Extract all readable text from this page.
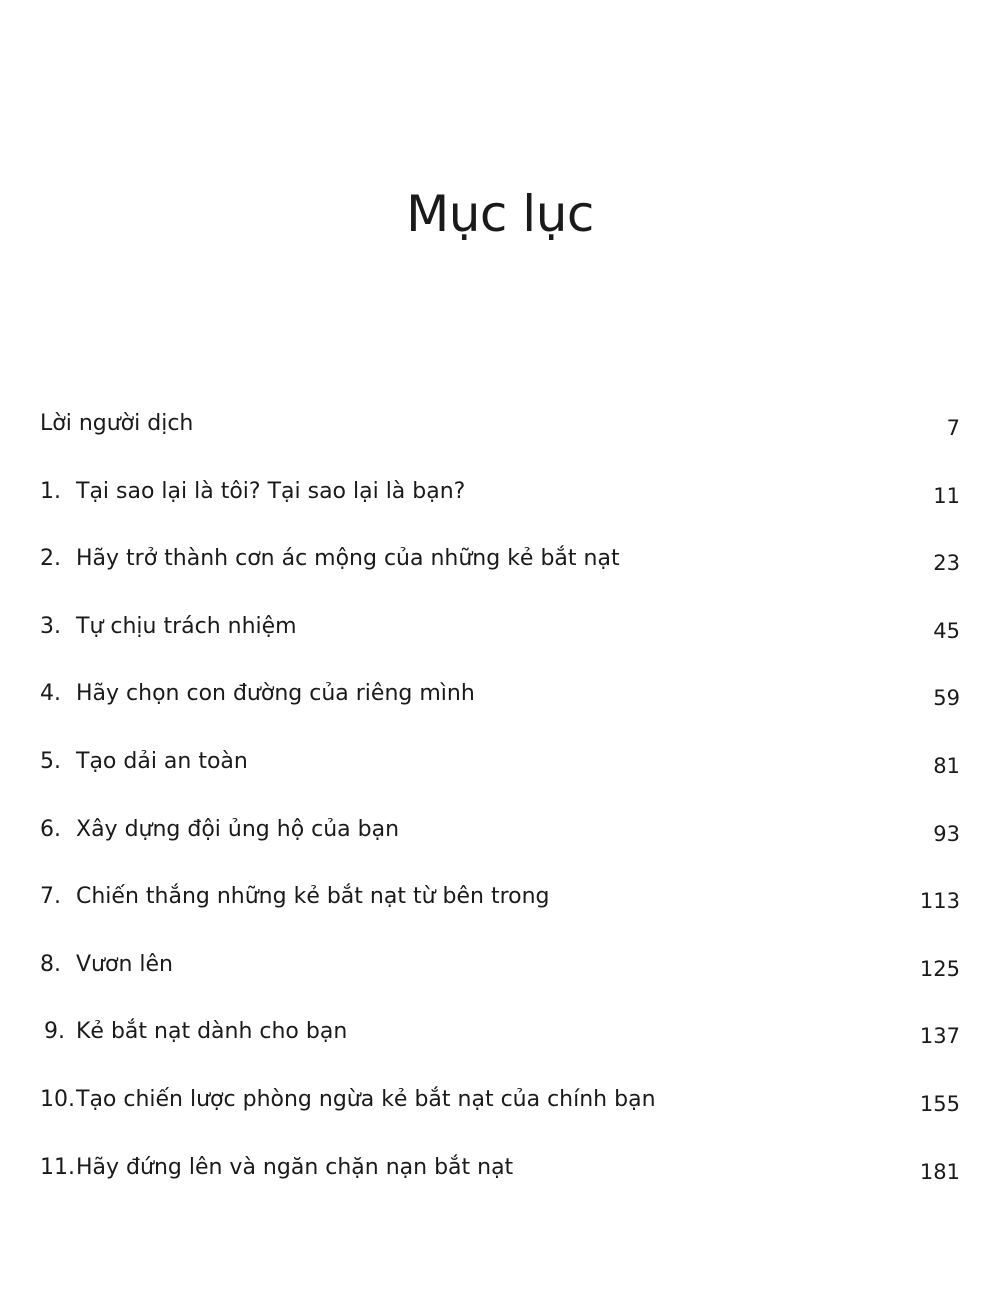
Mục lục
Lời người dịch	7
1. Tại sao lại là tôi? Tại sao lại là bạn?	11
2. Hãy trở thành cơn ác mộng của những kẻ bắt nạt	23
3. Tự chịu trách nhiệm	45
4. Hãy chọn con đường của riêng mình	59
5. Tạo dải an toàn	81
6. Xây dựng đội ủng hộ của bạn	93
7. Chiến thắng những kẻ bắt nạt từ bên trong	113
8. Vươn lên	125
9. Kẻ bắt nạt dành cho bạn	137
10. Tạo chiến lược phòng ngừa kẻ bắt nạt của chính bạn	155
11. Hãy đứng lên và ngăn chặn nạn bắt nạt	181
